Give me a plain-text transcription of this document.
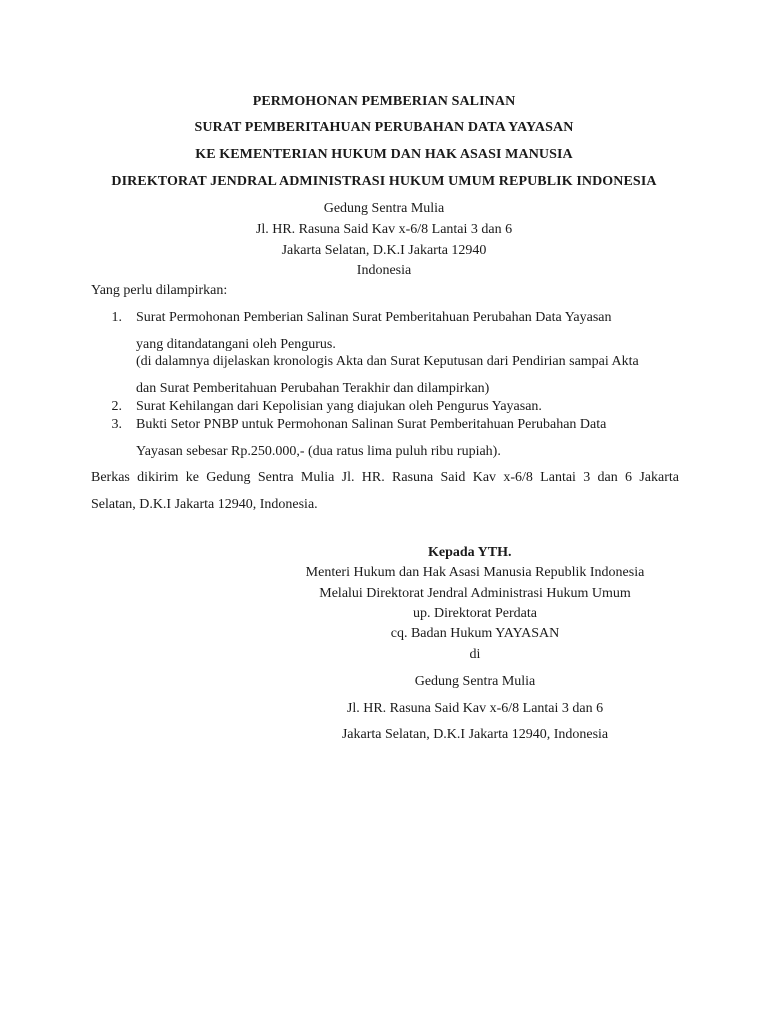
PERMOHONAN PEMBERIAN SALINAN
SURAT PEMBERITAHUAN PERUBAHAN DATA YAYASAN
KE KEMENTERIAN HUKUM DAN HAK ASASI MANUSIA
DIREKTORAT JENDRAL ADMINISTRASI HUKUM UMUM REPUBLIK INDONESIA
Gedung Sentra Mulia
Jl. HR. Rasuna Said Kav x-6/8 Lantai 3 dan 6
Jakarta Selatan, D.K.I Jakarta 12940
Indonesia
Yang perlu dilampirkan:
1. Surat Permohonan Pemberian Salinan Surat Pemberitahuan Perubahan Data Yayasan
yang ditandatangani oleh Pengurus.
(di dalamnya dijelaskan kronologis Akta dan Surat Keputusan dari Pendirian sampai Akta
dan Surat Pemberitahuan Perubahan Terakhir dan dilampirkan)
2. Surat Kehilangan dari Kepolisian yang diajukan oleh Pengurus Yayasan.
3. Bukti Setor PNBP untuk Permohonan Salinan Surat Pemberitahuan Perubahan Data
Yayasan sebesar Rp.250.000,- (dua ratus lima puluh ribu rupiah).
Berkas dikirim ke Gedung Sentra Mulia Jl. HR. Rasuna Said Kav x-6/8 Lantai 3 dan 6 Jakarta
Selatan, D.K.I Jakarta 12940, Indonesia.
Kepada YTH.
Menteri Hukum dan Hak Asasi Manusia Republik Indonesia
Melalui Direktorat Jendral Administrasi Hukum Umum
up. Direktorat Perdata
cq. Badan Hukum YAYASAN
di
Gedung Sentra Mulia
Jl. HR. Rasuna Said Kav x-6/8 Lantai 3 dan 6
Jakarta Selatan, D.K.I Jakarta 12940, Indonesia
